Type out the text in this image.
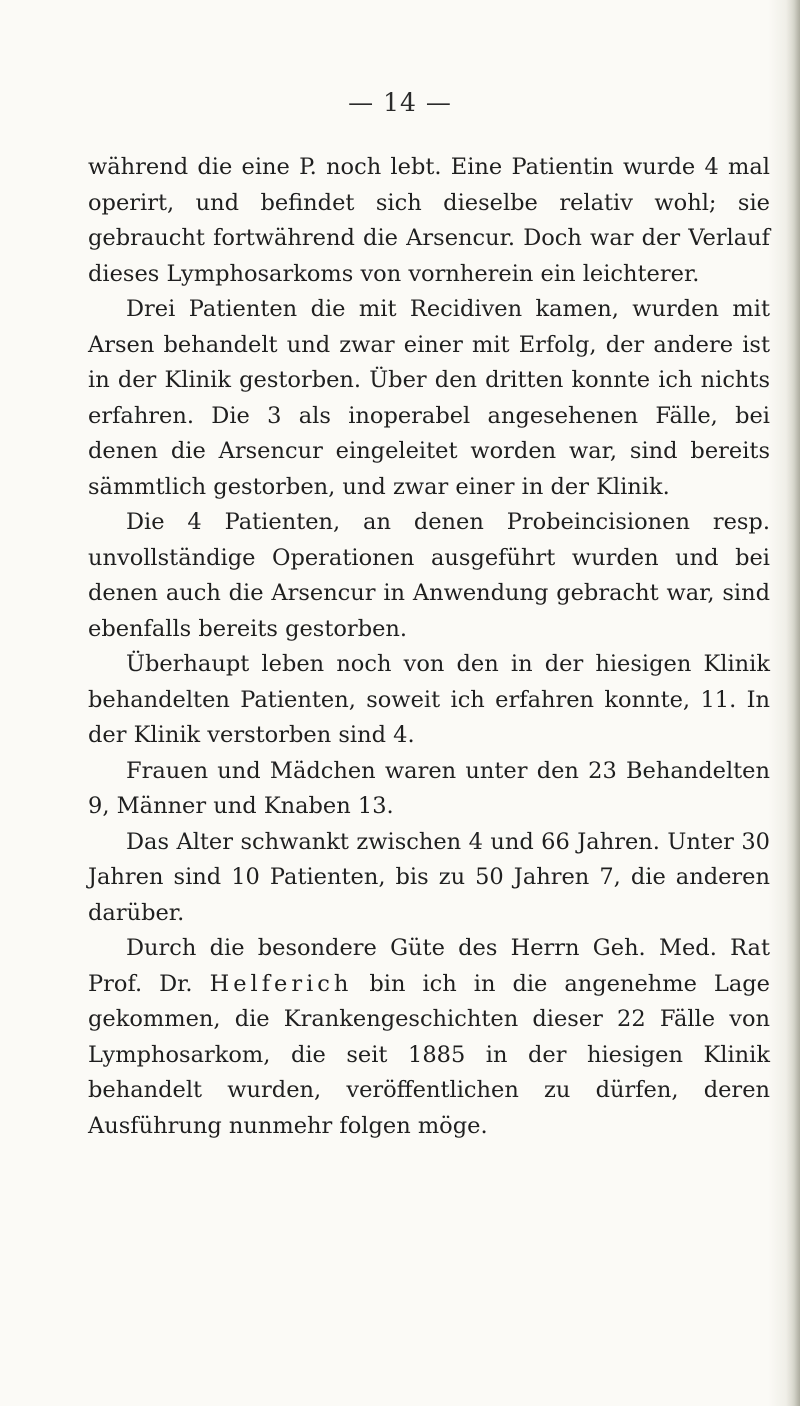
— 14 —

während die eine P. noch lebt. Eine Patientin wurde 4 mal operirt, und befindet sich dieselbe relativ wohl; sie gebraucht fortwährend die Arsencur. Doch war der Verlauf dieses Lymphosarkoms von vornherein ein leichterer.

Drei Patienten die mit Recidiven kamen, wurden mit Arsen behandelt und zwar einer mit Erfolg, der andere ist in der Klinik gestorben. Über den dritten konnte ich nichts erfahren. Die 3 als inoperabel angesehenen Fälle, bei denen die Arsencur eingeleitet worden war, sind bereits sämmtlich gestorben, und zwar einer in der Klinik.

Die 4 Patienten, an denen Probeincisionen resp. unvollständige Operationen ausgeführt wurden und bei denen auch die Arsencur in Anwendung gebracht war, sind ebenfalls bereits gestorben.

Überhaupt leben noch von den in der hiesigen Klinik behandelten Patienten, soweit ich erfahren konnte, 11. In der Klinik verstorben sind 4.

Frauen und Mädchen waren unter den 23 Behandelten 9, Männer und Knaben 13.

Das Alter schwankt zwischen 4 und 66 Jahren. Unter 30 Jahren sind 10 Patienten, bis zu 50 Jahren 7, die anderen darüber.

Durch die besondere Güte des Herrn Geh. Med. Rat Prof. Dr. Helferich bin ich in die angenehme Lage gekommen, die Krankengeschichten dieser 22 Fälle von Lymphosarkom, die seit 1885 in der hiesigen Klinik behandelt wurden, veröffentlichen zu dürfen, deren Ausführung nunmehr folgen möge.
